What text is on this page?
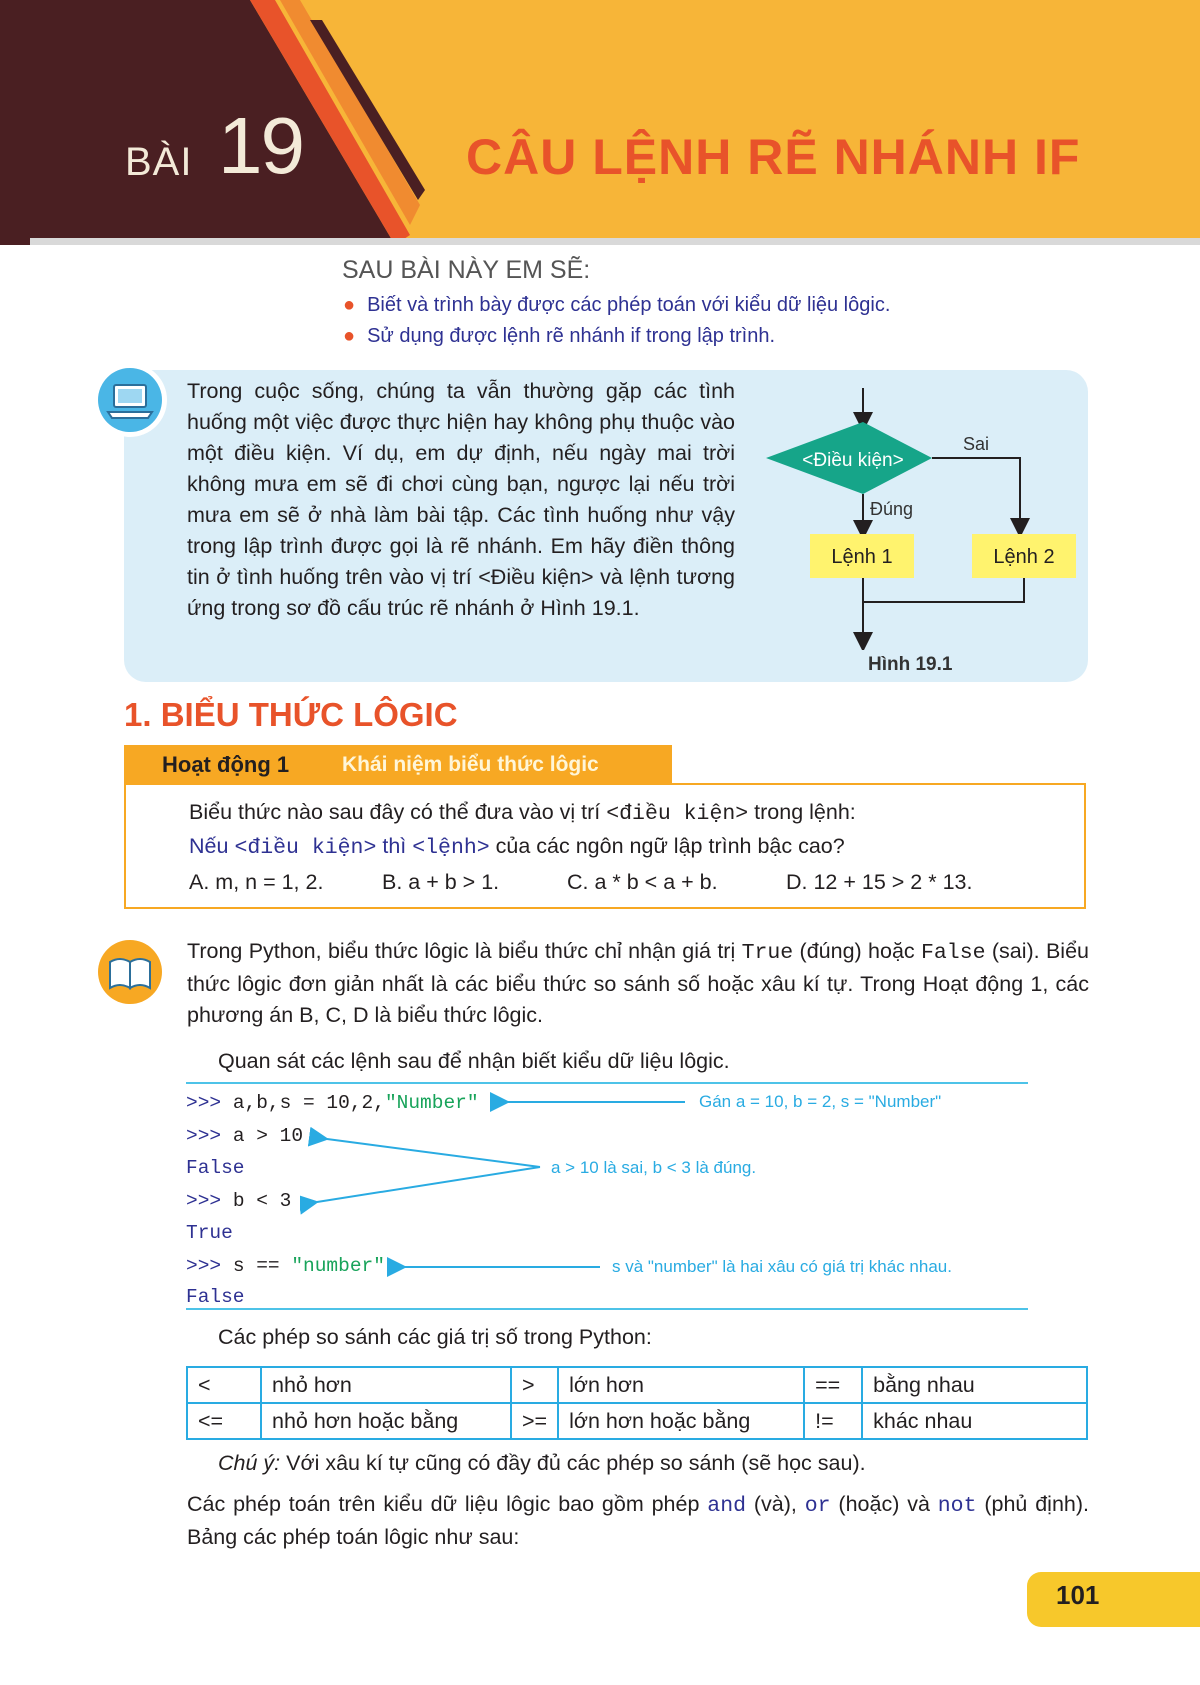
BÀI 19	CÂU LỆNH RẼ NHÁNH IF
SAU BÀI NÀY EM SẼ:
● Biết và trình bày được các phép toán với kiểu dữ liệu lôgic.
● Sử dụng được lệnh rẽ nhánh if trong lập trình.
Trong cuộc sống, chúng ta vẫn thường gặp các tình huống một việc được thực hiện hay không phụ thuộc vào một điều kiện. Ví dụ, em dự định, nếu ngày mai trời không mưa em sẽ đi chơi cùng bạn, ngược lại nếu trời mưa em sẽ ở nhà làm bài tập. Các tình huống như vậy trong lập trình được gọi là rẽ nhánh. Em hãy điền thông tin ở tình huống trên vào vị trí <Điều kiện> và lệnh tương ứng trong sơ đồ cấu trúc rẽ nhánh ở Hình 19.1.
<Điều kiện>
Sai
Đúng
Lệnh 1	Lệnh 2
Hình 19.1
1. BIỂU THỨC LÔGIC
Hoạt động 1	Khái niệm biểu thức lôgic
Biểu thức nào sau đây có thể đưa vào vị trí <điều kiện> trong lệnh:
Nếu <điều kiện> thì <lệnh> của các ngôn ngữ lập trình bậc cao?
A. m, n = 1, 2.	B. a + b > 1.	C. a * b < a + b.	D. 12 + 15 > 2 * 13.
Trong Python, biểu thức lôgic là biểu thức chỉ nhận giá trị True (đúng) hoặc False (sai). Biểu thức lôgic đơn giản nhất là các biểu thức so sánh số hoặc xâu kí tự. Trong Hoạt động 1, các phương án B, C, D là biểu thức lôgic.
Quan sát các lệnh sau để nhận biết kiểu dữ liệu lôgic.
>>> a,b,s = 10,2,"Number"
>>> a > 10
False
>>> b < 3
True
>>> s == "number"
False
Gán a = 10, b = 2, s = "Number"
a > 10 là sai, b < 3 là đúng.
s và "number" là hai xâu có giá trị khác nhau.
Các phép so sánh các giá trị số trong Python:
<	nhỏ hơn	>	lớn hơn	==	bằng nhau
<=	nhỏ hơn hoặc bằng	>=	lớn hơn hoặc bằng	!=	khác nhau
Chú ý: Với xâu kí tự cũng có đầy đủ các phép so sánh (sẽ học sau).
Các phép toán trên kiểu dữ liệu lôgic bao gồm phép and (và), or (hoặc) và not (phủ định). Bảng các phép toán lôgic như sau:
101
